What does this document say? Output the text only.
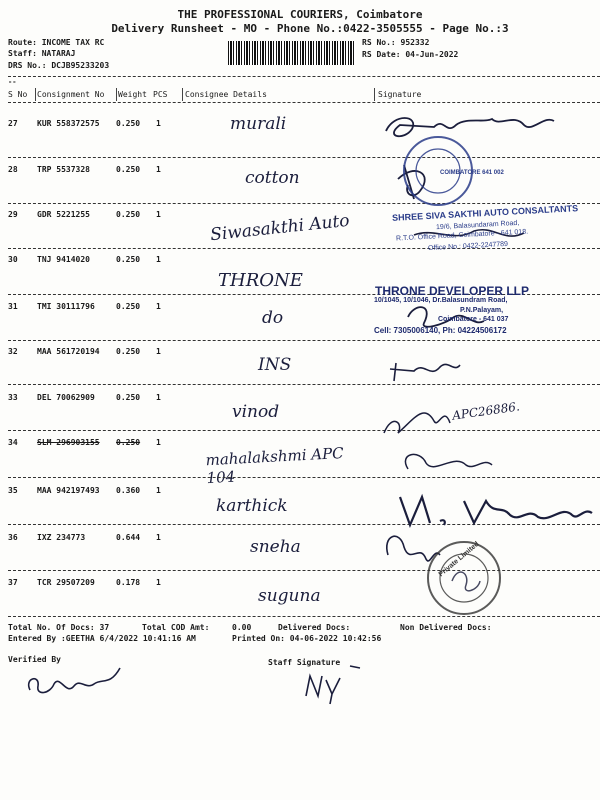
THE PROFESSIONAL COURIERS, Coimbatore
Delivery Runsheet - MO - Phone No.:0422-3505555 - Page No.:3
Route: INCOME TAX RC
Staff: NATARAJ
DRS No.: DCJB95233203
RS No.: 952332
RS Date: 04-Jun-2022
--
S No Consignment No Weight PCS Consignee Details	Signature
27 KUR 558372575 0.250 1	murali
28 TRP 5537328	0.250 1	cotton
29 GDR 5221255	0.250 1	Siwasakthi Auto
30 TNJ 9414020	0.250 1
THRONE
31 TMI 30111796	0.250 1
do
32 MAA 561720194 0.250 1
INS
33 DEL 70062909	0.250 1
vinod
34 SLM 296903155 0.250 1
mahalakshmi APC 104
35 MAA 942197493 0.360 1
karthick
36 IXZ 234773	0.644 1	sneha
37 TCR 29507209	0.178 1
suguna
COIMBATORE 641 002
SHREE SIVA SAKTHI AUTO CONSALTANTS
19/6, Balasundaram Road,
R.T.O. Office Road, Coimbatore - 641 018.
Office No : 0422-2247789
THRONE DEVELOPER LLP
10/1045, 10/1046, Dr.Balasundram Road,
P.N.Palayam,
Coimbatore - 641 037
Cell: 7305006140, Ph: 04224506172
APC26886.
Private Limited
Total No. Of Docs: 37	Total COD Amt:	0.00	Delivered Docs:	Non Delivered Docs:
Entered By :GEETHA 6/4/2022 10:41:16 AM	Printed On: 04-06-2022 10:42:56
Verified By	Staff Signature
